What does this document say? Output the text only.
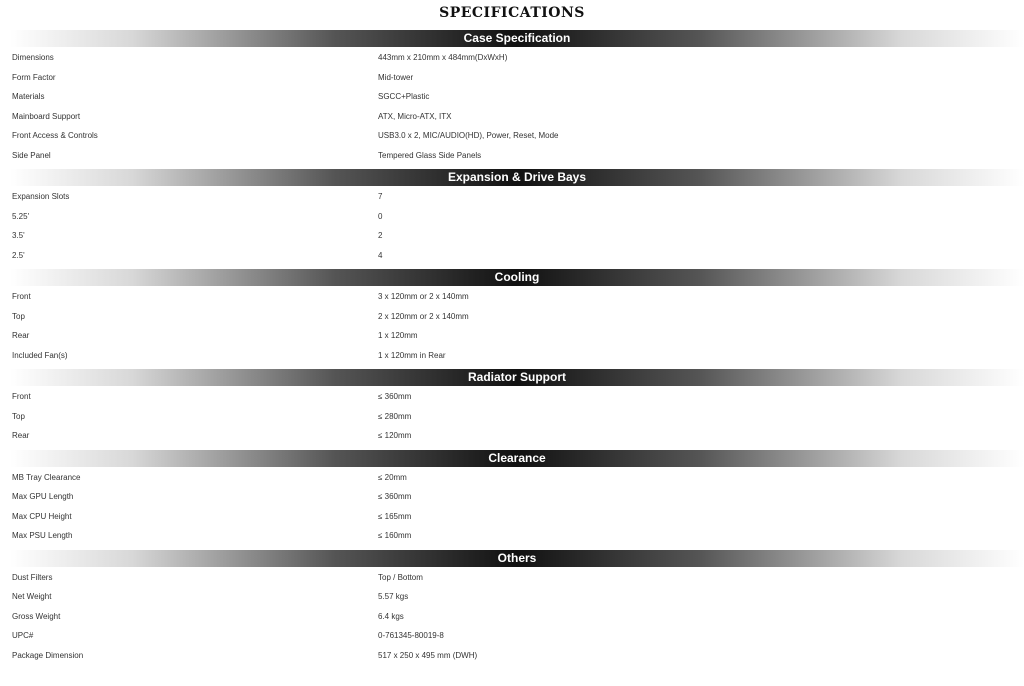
SPECIFICATIONS
Case Specification
Dimensions	443mm x 210mm x 484mm(DxWxH)
Form Factor	Mid-tower
Materials	SGCC+Plastic
Mainboard Support	ATX, Micro-ATX, ITX
Front Access & Controls	USB3.0 x 2, MIC/AUDIO(HD), Power, Reset, Mode
Side Panel	Tempered Glass Side Panels
Expansion & Drive Bays
Expansion Slots	7
5.25'	0
3.5'	2
2.5'	4
Cooling
Front	3 x 120mm or 2 x 140mm
Top	2 x 120mm or 2 x 140mm
Rear	1 x 120mm
Included Fan(s)	1 x 120mm in Rear
Radiator Support
Front	≤ 360mm
Top	≤ 280mm
Rear	≤ 120mm
Clearance
MB Tray Clearance	≤ 20mm
Max GPU Length	≤ 360mm
Max CPU Height	≤ 165mm
Max PSU Length	≤ 160mm
Others
Dust Filters	Top / Bottom
Net Weight	5.57 kgs
Gross Weight	6.4 kgs
UPC#	0-761345-80019-8
Package Dimension	517 x 250 x 495 mm (DWH)
